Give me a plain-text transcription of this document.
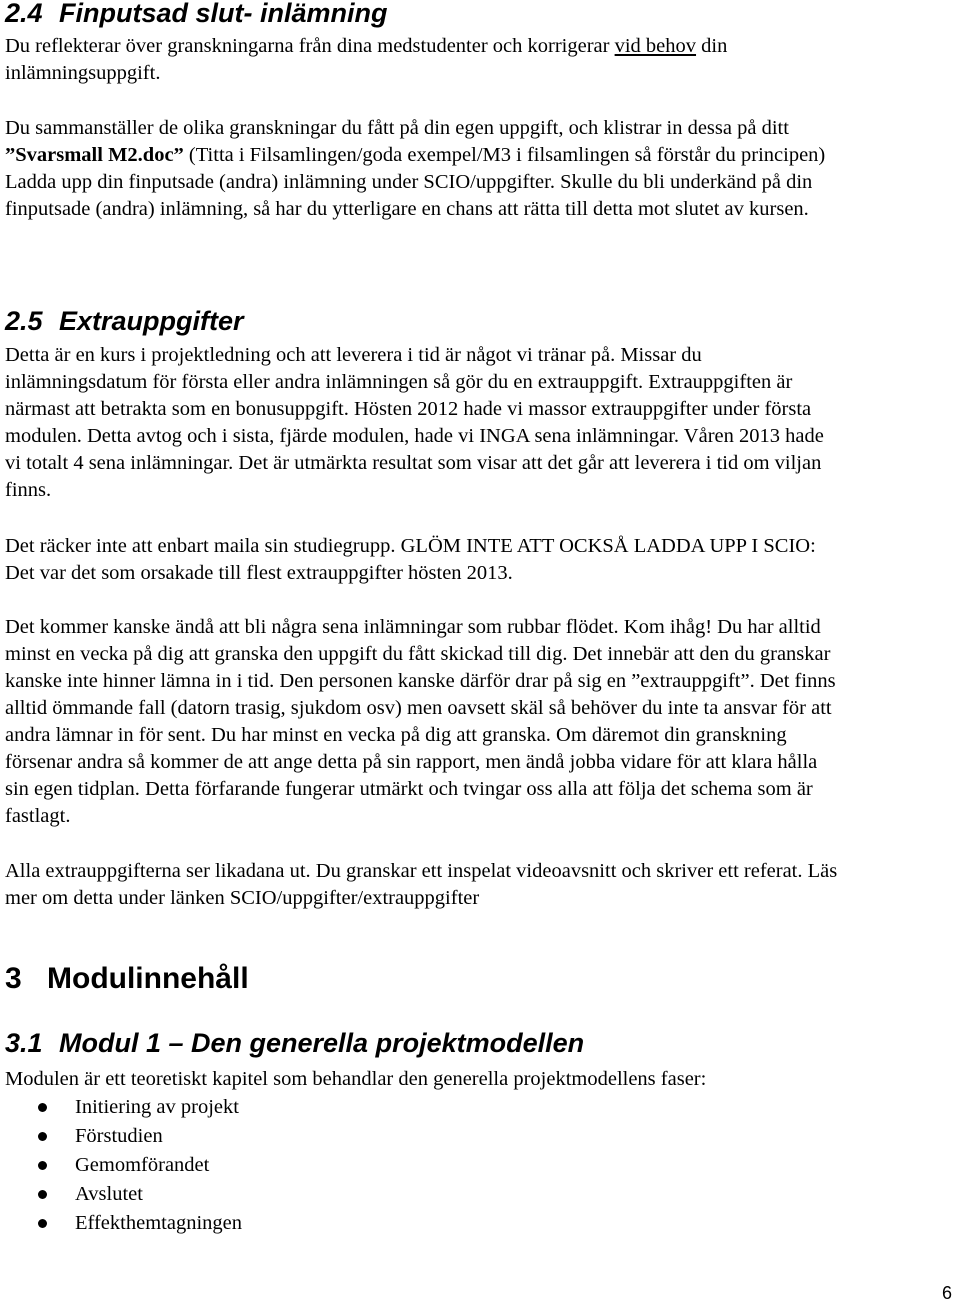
2.4 Finputsad slut- inlämning
Du reflekterar över granskningarna från dina medstudenter och korrigerar vid behov din
inlämningsuppgift.
Du sammanställer de olika granskningar du fått på din egen uppgift, och klistrar in dessa på ditt
”Svarsmall M2.doc” (Titta i Filsamlingen/goda exempel/M3 i filsamlingen så förstår du principen)
Ladda upp din finputsade (andra) inlämning under SCIO/uppgifter. Skulle du bli underkänd på din
finputsade (andra) inlämning, så har du ytterligare en chans att rätta till detta mot slutet av kursen.
2.5 Extrauppgifter
Detta är en kurs i projektledning och att leverera i tid är något vi tränar på. Missar du
inlämningsdatum för första eller andra inlämningen så gör du en extrauppgift. Extrauppgiften är
närmast att betrakta som en bonusuppgift. Hösten 2012 hade vi massor extrauppgifter under första
modulen. Detta avtog och i sista, fjärde modulen, hade vi INGA sena inlämningar. Våren 2013 hade
vi totalt 4 sena inlämningar. Det är utmärkta resultat som visar att det går att leverera i tid om viljan
finns.
Det räcker inte att enbart maila sin studiegrupp. GLÖM INTE ATT OCKSÅ LADDA UPP I SCIO:
Det var det som orsakade till flest extrauppgifter hösten 2013.
Det kommer kanske ändå att bli några sena inlämningar som rubbar flödet. Kom ihåg! Du har alltid
minst en vecka på dig att granska den uppgift du fått skickad till dig. Det innebär att den du granskar
kanske inte hinner lämna in i tid. Den personen kanske därför drar på sig en ”extrauppgift”. Det finns
alltid ömmande fall (datorn trasig, sjukdom osv) men oavsett skäl så behöver du inte ta ansvar för att
andra lämnar in för sent. Du har minst en vecka på dig att granska. Om däremot din granskning
försenar andra så kommer de att ange detta på sin rapport, men ändå jobba vidare för att klara hålla
sin egen tidplan. Detta förfarande fungerar utmärkt och tvingar oss alla att följa det schema som är
fastlagt.
Alla extrauppgifterna ser likadana ut. Du granskar ett inspelat videoavsnitt och skriver ett referat. Läs
mer om detta under länken SCIO/uppgifter/extrauppgifter
3 Modulinnehåll
3.1 Modul 1 – Den generella projektmodellen
Modulen är ett teoretiskt kapitel som behandlar den generella projektmodellens faser:
Initiering av projekt
Förstudien
Gemomförandet
Avslutet
Effekthemtagningen
6
